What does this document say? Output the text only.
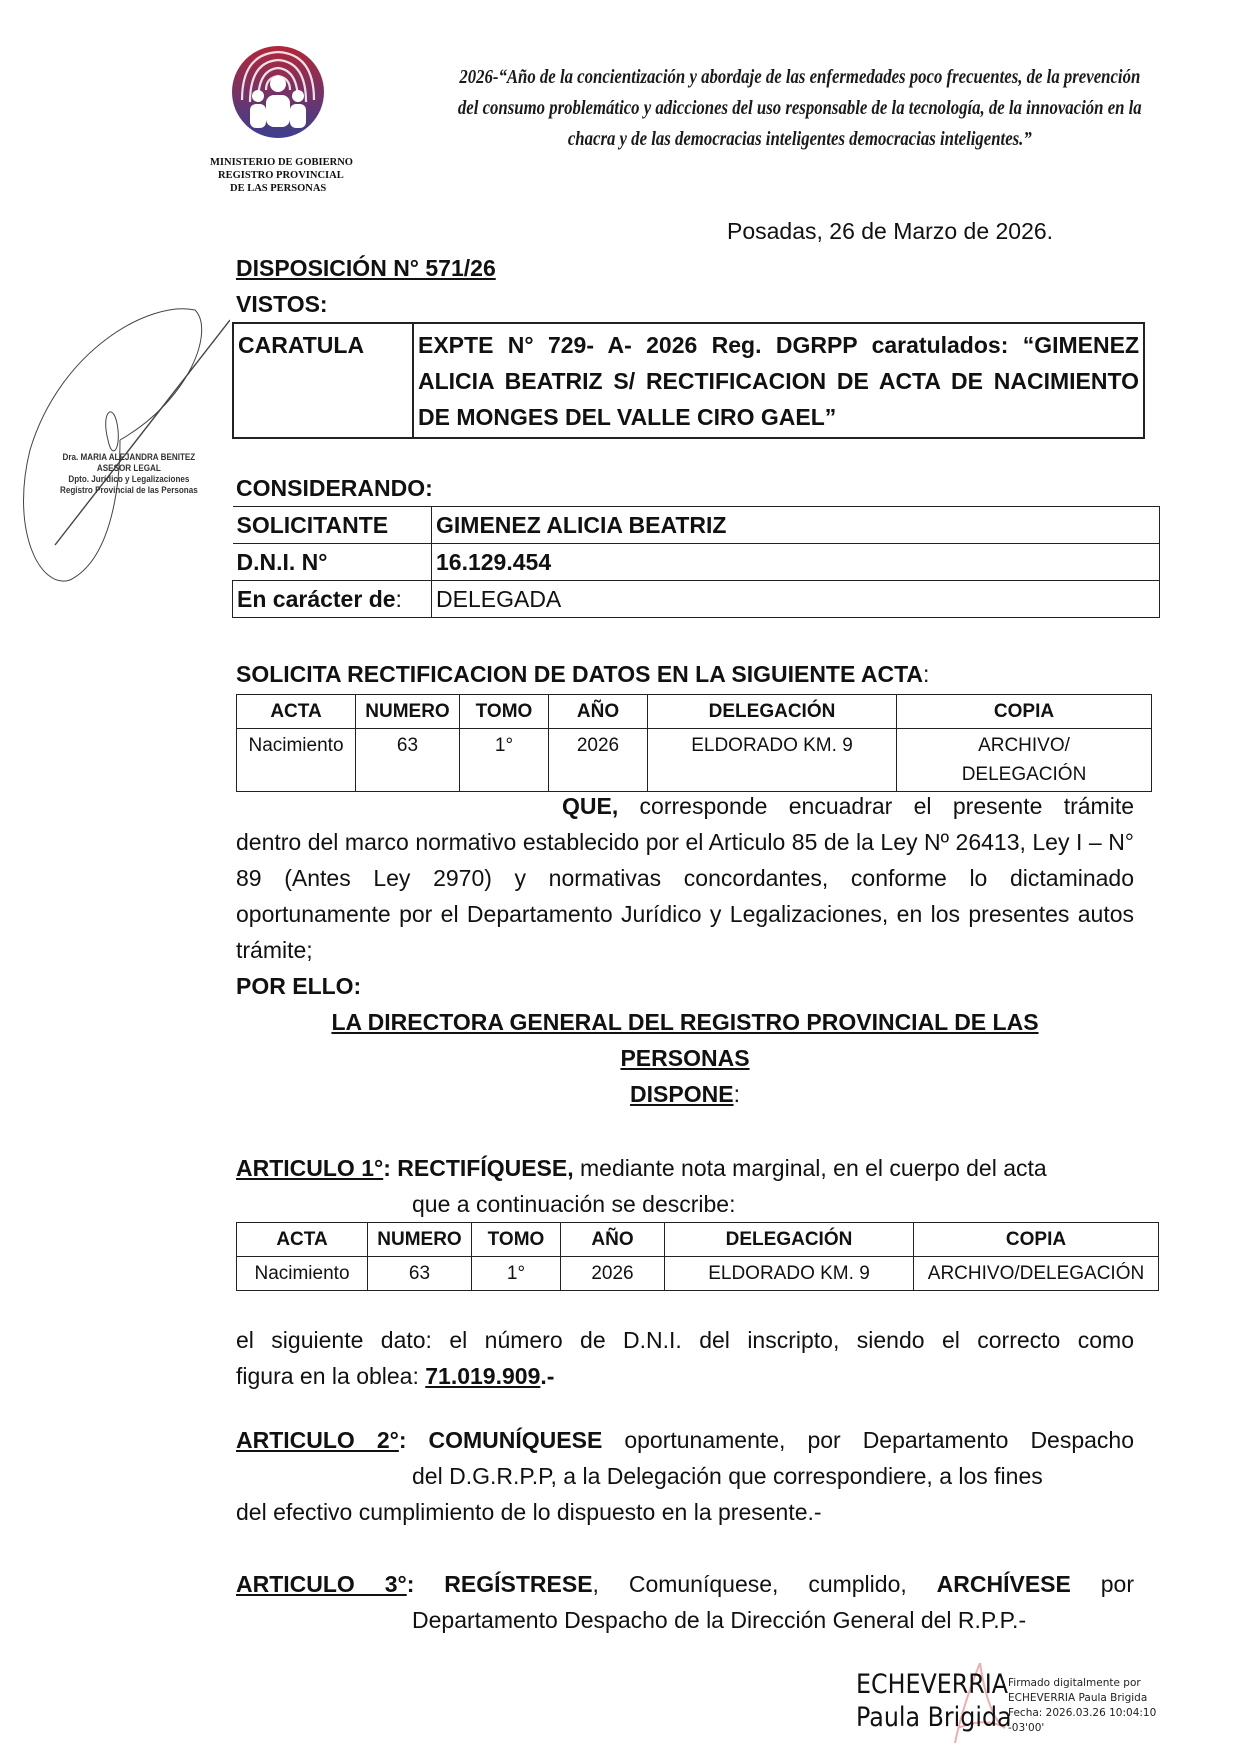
MINISTERIO DE GOBIERNO
REGISTRO PROVINCIAL
DE LAS PERSONAS
2026-“Año de la concientización y abordaje de las enfermedades poco frecuentes, de la prevención
del consumo problemático y adicciones del uso responsable de la tecnología, de la innovación en la
chacra y de las democracias inteligentes democracias inteligentes.”
Dra. MARIA ALEJANDRA BENITEZ
ASESOR LEGAL
Dpto. Jurídico y Legalizaciones
Registro Provincial de las Personas
Posadas, 26 de Marzo de 2026.
DISPOSICIÓN N° 571/26
VISTOS:
CARATULA	EXPTE N° 729- A- 2026 Reg. DGRPP caratulados: “GIMENEZ ALICIA BEATRIZ S/ RECTIFICACION DE ACTA DE NACIMIENTO DE MONGES DEL VALLE CIRO GAEL”
CONSIDERANDO:
SOLICITANTE	GIMENEZ ALICIA BEATRIZ
D.N.I. N°	16.129.454
En carácter de:	DELEGADA
SOLICITA RECTIFICACION DE DATOS EN LA SIGUIENTE ACTA:
ACTA	NUMERO	TOMO	AÑO	DELEGACIÓN	COPIA
Nacimiento	63	1°	2026	ELDORADO KM. 9	ARCHIVO/ DELEGACIÓN
QUE, corresponde encuadrar el presente trámite
dentro del marco normativo establecido por el Articulo 85 de la Ley Nº 26413, Ley I – N° 89 (Antes Ley 2970) y normativas concordantes, conforme lo dictaminado oportunamente por el Departamento Jurídico y Legalizaciones, en los presentes autos trámite;
POR ELLO:
LA DIRECTORA GENERAL DEL REGISTRO PROVINCIAL DE LAS
PERSONAS
DISPONE:
ARTICULO 1°: RECTIFÍQUESE, mediante nota marginal, en el cuerpo del acta
que a continuación se describe:
ACTA	NUMERO	TOMO	AÑO	DELEGACIÓN	COPIA
Nacimiento	63	1°	2026	ELDORADO KM. 9	ARCHIVO/DELEGACIÓN
el siguiente dato: el número de D.N.I. del inscripto, siendo el correcto como
figura en la oblea: 71.019.909.-
ARTICULO 2°: COMUNÍQUESE oportunamente, por Departamento Despacho
del D.G.R.P.P, a la Delegación que correspondiere, a los fines
del efectivo cumplimiento de lo dispuesto en la presente.-
ARTICULO 3°: REGÍSTRESE, Comuníquese, cumplido, ARCHÍVESE por
Departamento Despacho de la Dirección General del R.P.P.-
ECHEVERRIA
Paula Brigida
Firmado digitalmente por
ECHEVERRIA Paula Brigida
Fecha: 2026.03.26 10:04:10
-03'00'
